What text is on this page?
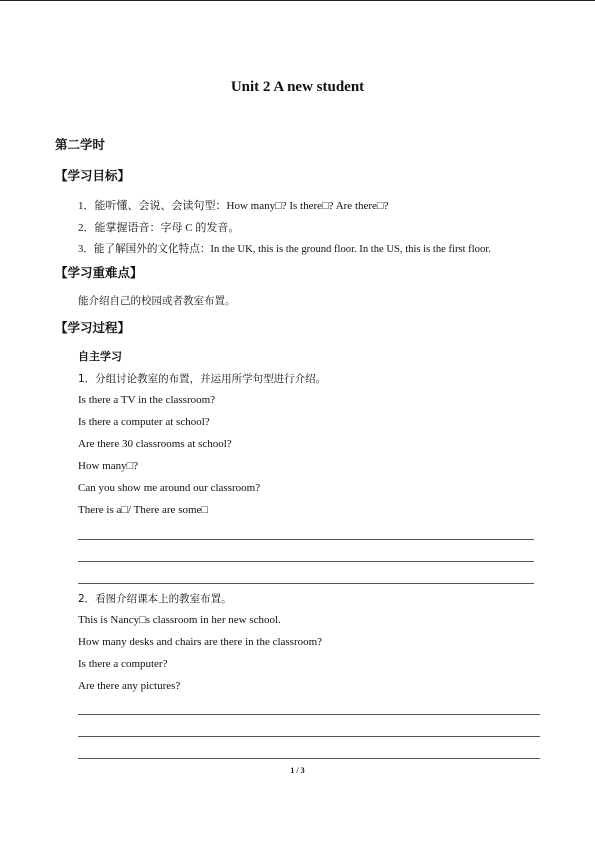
Unit 2 A new student
第二学时
【学习目标】
1．能听懂、会说、会读句型：How many□? Is there□? Are there□?
2．能掌握语音：字母 C 的发音。
3．能了解国外的文化特点：In the UK, this is the ground floor. In the US, this is the first floor.
【学习重难点】
能介绍自己的校园或者教室布置。
【学习过程】
自主学习
1．分组讨论教室的布置，并运用所学句型进行介绍。
Is there a TV in the classroom?
Is there a computer at school?
Are there 30 classrooms at school?
How many□?
Can you show me around our classroom?
There is a□/ There are some□
2．看图介绍课本上的教室布置。
This is Nancy□s classroom in her new school.
How many desks and chairs are there in the classroom?
Is there a computer?
Are there any pictures?
1 / 3
